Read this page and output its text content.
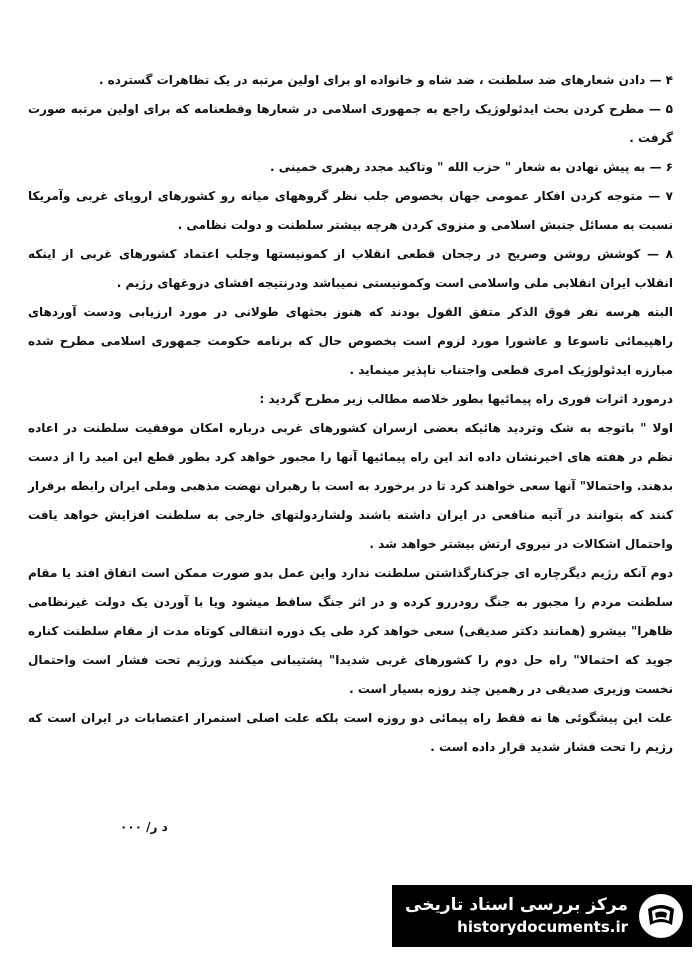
۴ — دادن شعارهای ضد سلطنت ، ضد شاه و خانواده او برای اولین مرتبه در یک تظاهرات گسترده .

۵ — مطرح کردن بحث ایدئولوژیک راجع به جمهوری اسلامی در شعارها وقطعنامه که برای اولین مرتبه صورت گرفت .

۶ — به پیش نهادن به شعار " حزب الله " وتاکید مجدد رهبری خمینی .

۷ — متوجه کردن افکار عمومی جهان بخصوص جلب نظر گروههای میانه رو کشورهای اروپای غربی وآمریکا نسبت به مسائل جنبش اسلامی و منزوی کردن هرچه بیشتر سلطنت و دولت نظامی .

۸ — کوشش روشن وصریح در رجحان قطعی انقلاب از کمونیستها وجلب اعتماد کشورهای غربی از اینکه انقلاب ایران انقلابی ملی واسلامی است وکمونیستی نمیباشد ودرنتیجه افشای دروغهای رژیم .

البته هرسه نفر فوق الذکر متفق القول بودند که هنوز بحثهای طولانی در مورد ارزیابی ودست آوردهای راهپیمائی تاسوعا و عاشورا مورد لزوم است بخصوص حال که برنامه حکومت جمهوری اسلامی مطرح شده مبارزه ایدئولوژیک امری قطعی واجتناب ناپذیر مینماید .

درمورد اثرات فوری راه پیمائیها بطور خلاصه مطالب زیر مطرح گردید :

اولا " باتوجه به شک وتردید هائیکه بعضی ازسران کشورهای غربی درباره امکان موفقیت سلطنت در اعاده نظم در هفته های اخیرنشان داده اند این راه پیمائیها آنها را مجبور خواهد کرد بطور قطع این امید را از دست بدهند. واحتمالا" آنها سعی خواهند کرد تا در برخورد به است با رهبران نهضت مذهبی وملی ایران رابطه برقرار کنند که بتوانند در آتیه منافعی در ایران داشته باشند ولشاردولتهای خارجی به سلطنت افزایش خواهد یافت واحتمال اشکالات در نیروی ارتش بیشتر خواهد شد .

دوم آنکه رژیم دیگرچاره ای جزکنارگذاشتن سلطنت ندارد واین عمل بدو صورت ممکن است اتفاق افتد یا مقام سلطنت مردم را مجبور به جنگ رودررو کرده و در اثر جنگ ساقط میشود ویا با آوردن یک دولت غیرنظامی ظاهرا" بیشرو (همانند دکتر صدیقی) سعی خواهد کرد طی یک دوره انتقالی کوتاه مدت از مقام سلطنت کناره جوید که احتمالا" راه حل دوم را کشورهای غربی شدیدا" پشتیبانی میکنند ورژیم تحت فشار است واحتمال نخست وزیری صدیقی در رهمین چند روزه بسیار است .

علت این پیشگوئی ها نه فقط راه پیمائی دو روزه است بلکه علت اصلی استمرار اعتصابات در ایران است که رژیم را تحت فشار شدید قرار داده است .

د ر/ ۰۰۰
مرکز بررسی اسناد تاریخی
historydocuments.ir
